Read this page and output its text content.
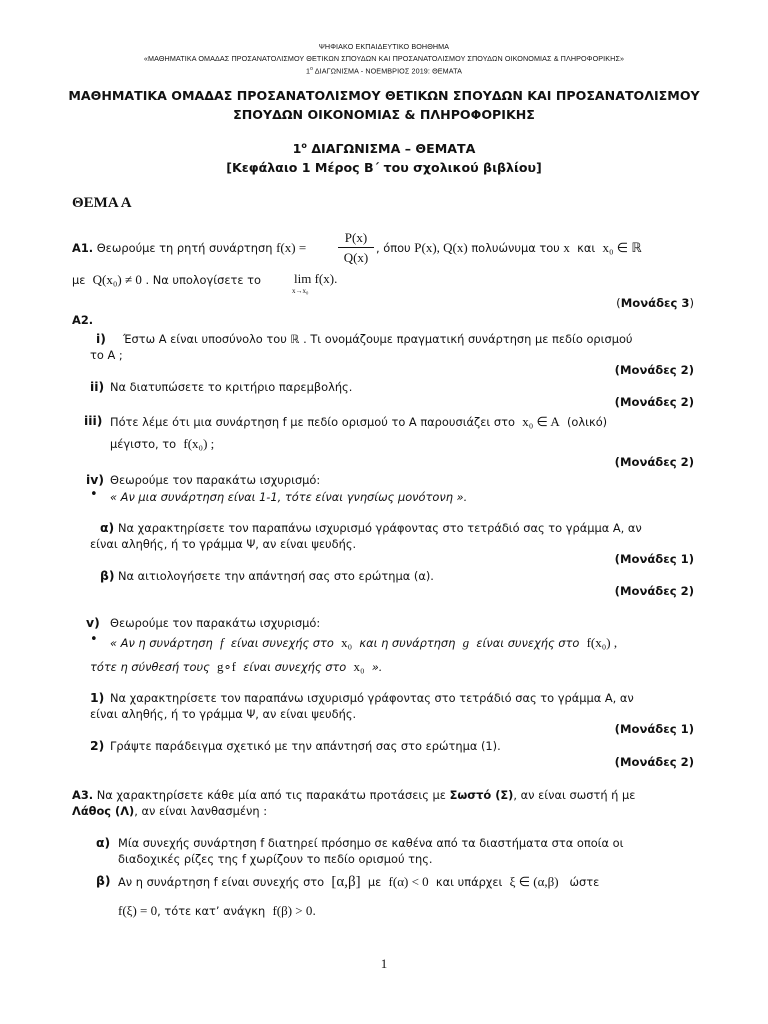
ΨΗΦΙΑΚΟ ΕΚΠΑΙΔΕΥΤΙΚΟ ΒΟΗΘΗΜΑ
«ΜΑΘΗΜΑΤΙΚΑ ΟΜΑΔΑΣ ΠΡΟΣΑΝΑΤΟΛΙΣΜΟΥ ΘΕΤΙΚΩΝ ΣΠΟΥΔΩΝ ΚΑΙ ΠΡΟΣΑΝΑΤΟΛΙΣΜΟΥ ΣΠΟΥΔΩΝ ΟΙΚΟΝΟΜΙΑΣ & ΠΛΗΡΟΦΟΡΙΚΗΣ»
$1^o$ ΔΙΑΓΩΝΙΣΜΑ - ΝΟΕΜΒΡΙΟΣ 2019: ΘΕΜΑΤΑ
ΜΑΘΗΜΑΤΙΚΑ ΟΜΑΔΑΣ ΠΡΟΣΑΝΑΤΟΛΙΣΜΟΥ ΘΕΤΙΚΩΝ ΣΠΟΥΔΩΝ ΚΑΙ ΠΡΟΣΑΝΑΤΟΛΙΣΜΟΥ
ΣΠΟΥΔΩΝ ΟΙΚΟΝΟΜΙΑΣ & ΠΛΗΡΟΦΟΡΙΚΗΣ
$1^o$ ΔΙΑΓΩΝΙΣΜΑ – ΘΕΜΑΤΑ
[Κεφάλαιο 1 Μέρος Β΄ του σχολικού βιβλίου]
ΘΕΜΑ Α
Α1. Θεωρούμε τη ρητή συνάρτηση f(x) =
P(x)
Q(x)
, όπου P(x), Q(x) πολυώνυμα του x και x₀ ∈ ℝ
με Q(x₀) ≠ 0 . Να υπολογίσετε το	lim f(x).
x→x₀
(Μονάδες 3)
Α2.
i) Έστω Α είναι υποσύνολο του ℝ . Τι ονομάζουμε πραγματική συνάρτηση με πεδίο ορισμού
το Α ;
(Μονάδες 2)
ii) Να διατυπώσετε το κριτήριο παρεμβολής.
(Μονάδες 2)
iii) Πότε λέμε ότι μια συνάρτηση f με πεδίο ορισμού το Α παρουσιάζει στο x₀ ∈ A (ολικό)
μέγιστο, το f(x₀) ;
(Μονάδες 2)
iv) Θεωρούμε τον παρακάτω ισχυρισμό:
• « Αν μια συνάρτηση είναι 1-1, τότε είναι γνησίως μονότονη ».
α) Να χαρακτηρίσετε τον παραπάνω ισχυρισμό γράφοντας στο τετράδιό σας το γράμμα Α, αν
είναι αληθής, ή το γράμμα Ψ, αν είναι ψευδής.
(Μονάδες 1)
β) Να αιτιολογήσετε την απάντησή σας στο ερώτημα (α).
(Μονάδες 2)
v) Θεωρούμε τον παρακάτω ισχυρισμό:
• « Αν η συνάρτηση f είναι συνεχής στο x₀ και η συνάρτηση g είναι συνεχής στο f(x₀) ,
τότε η σύνθεσή τους g∘f είναι συνεχής στο x₀ ».
1) Να χαρακτηρίσετε τον παραπάνω ισχυρισμό γράφοντας στο τετράδιό σας το γράμμα Α, αν
είναι αληθής, ή το γράμμα Ψ, αν είναι ψευδής.
(Μονάδες 1)
2) Γράψτε παράδειγμα σχετικό με την απάντησή σας στο ερώτημα (1).
(Μονάδες 2)
Α3. Να χαρακτηρίσετε κάθε μία από τις παρακάτω προτάσεις με Σωστό (Σ), αν είναι σωστή ή με
Λάθος (Λ), αν είναι λανθασμένη :
α) Μία συνεχής συνάρτηση f διατηρεί πρόσημο σε καθένα από τα διαστήματα στα οποία οι
διαδοχικές ρίζες της f χωρίζουν το πεδίο ορισμού της.
β) Αν η συνάρτηση f είναι συνεχής στο [α,β] με f(α) < 0 και υπάρχει ξ ∈ (α,β) ώστε
f(ξ) = 0, τότε κατ’ ανάγκη f(β) > 0.
1
